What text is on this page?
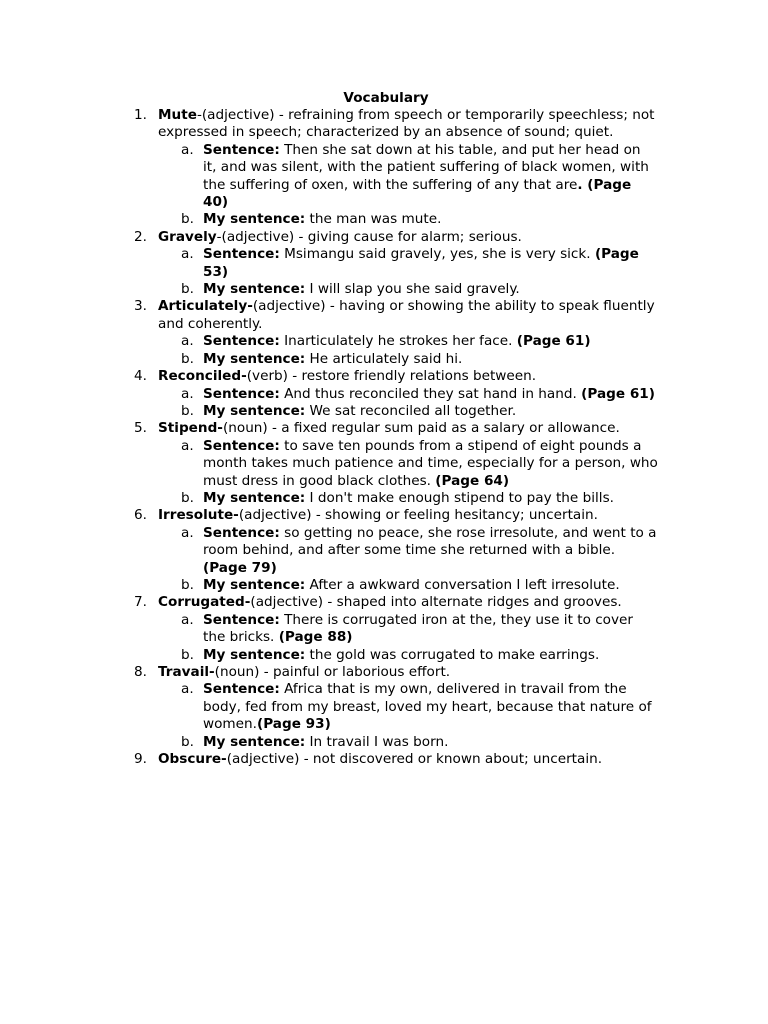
Vocabulary
1. Mute-(adjective) - refraining from speech or temporarily speechless; not expressed in speech; characterized by an absence of sound; quiet.
a. Sentence: Then she sat down at his table, and put her head on it, and was silent, with the patient suffering of black women, with the suffering of oxen, with the suffering of any that are. (Page 40)
b. My sentence: the man was mute.
2. Gravely-(adjective) - giving cause for alarm; serious.
a. Sentence: Msimangu said gravely, yes, she is very sick. (Page 53)
b. My sentence: I will slap you she said gravely.
3. Articulately-(adjective) - having or showing the ability to speak fluently and coherently.
a. Sentence: Inarticulately he strokes her face. (Page 61)
b. My sentence: He articulately said hi.
4. Reconciled-(verb) - restore friendly relations between.
a. Sentence: And thus reconciled they sat hand in hand. (Page 61)
b. My sentence: We sat reconciled all together.
5. Stipend-(noun) - a fixed regular sum paid as a salary or allowance.
a. Sentence: to save ten pounds from a stipend of eight pounds a month takes much patience and time, especially for a person, who must dress in good black clothes. (Page 64)
b. My sentence: I don't make enough stipend to pay the bills.
6. Irresolute-(adjective) - showing or feeling hesitancy; uncertain.
a. Sentence: so getting no peace, she rose irresolute, and went to a room behind, and after some time she returned with a bible. (Page 79)
b. My sentence: After a awkward conversation I left irresolute.
7. Corrugated-(adjective) - shaped into alternate ridges and grooves.
a. Sentence: There is corrugated iron at the, they use it to cover the bricks. (Page 88)
b. My sentence: the gold was corrugated to make earrings.
8. Travail-(noun) - painful or laborious effort.
a. Sentence: Africa that is my own, delivered in travail from the body, fed from my breast, loved my heart, because that nature of women.(Page 93)
b. My sentence: In travail I was born.
9. Obscure-(adjective) - not discovered or known about; uncertain.
